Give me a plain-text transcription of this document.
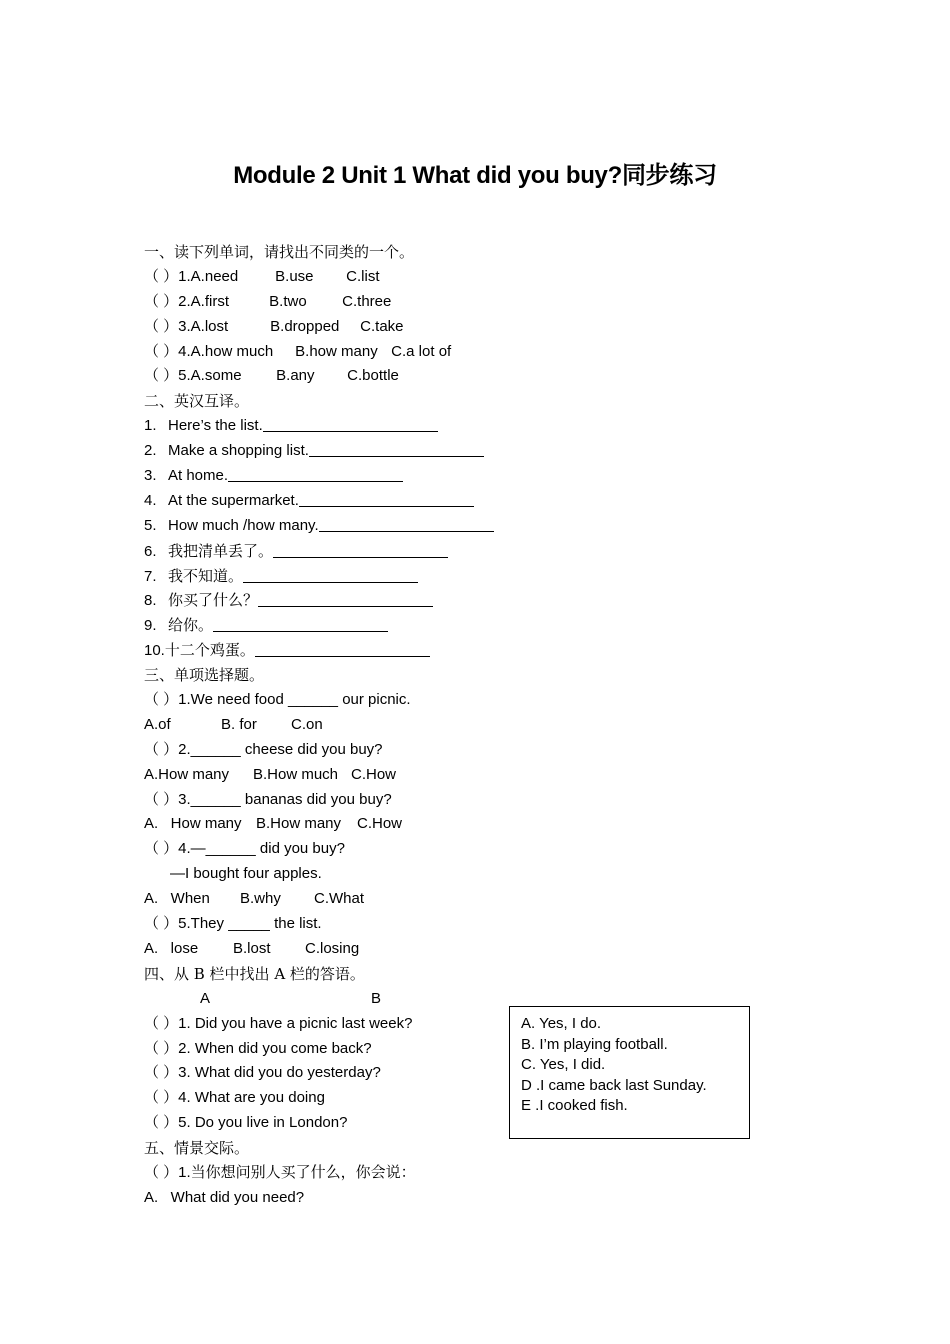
Module 2 Unit 1 What did you buy?同步练习
一、读下列单词，请找出不同类的一个。
（ ）1.A.need B.use C.list
（ ）2.A.first	B.two C.three
（ ）3.A.lost	B.dropped C.take
（ ）4.A.how much B.how many C.a lot of
（ ）5.A.some B.any C.bottle
二、英汉互译。
1. Here’s the list.
2. Make a shopping list.
3. At home.
4. At the supermarket.
5. How much /how many.
6. 我把清单丢了。
7. 我不知道。
8. 你买了什么？
9. 给你。
10.十二个鸡蛋。
三、单项选择题。
（ ）1.We need food ______ our picnic.
A.of	B. for C.on
（ ）2.______ cheese did you buy?
A.How many B.How much C.How
（ ）3.______ bananas did you buy?
A.   How many B.How many C.How
（ ）4.—______ did you buy?
—I bought four apples.
A.   When B.why C.What
（ ）5.They _____ the list.
A.   lose B.lost C.losing
四、从 B 栏中找出 A 栏的答语。
A	B
（ ）1. Did you have a picnic last week?
（ ）2. When did you come back?
（ ）3. What did you do yesterday?
（ ）4. What are you doing
（ ）5. Do you live in London?
五、情景交际。
（ ）1.当你想问别人买了什么，你会说：
A.   What did you need?
A. Yes, I do.
B. I’m playing football.
C. Yes, I did.
D .I came back last Sunday.
E .I cooked fish.
